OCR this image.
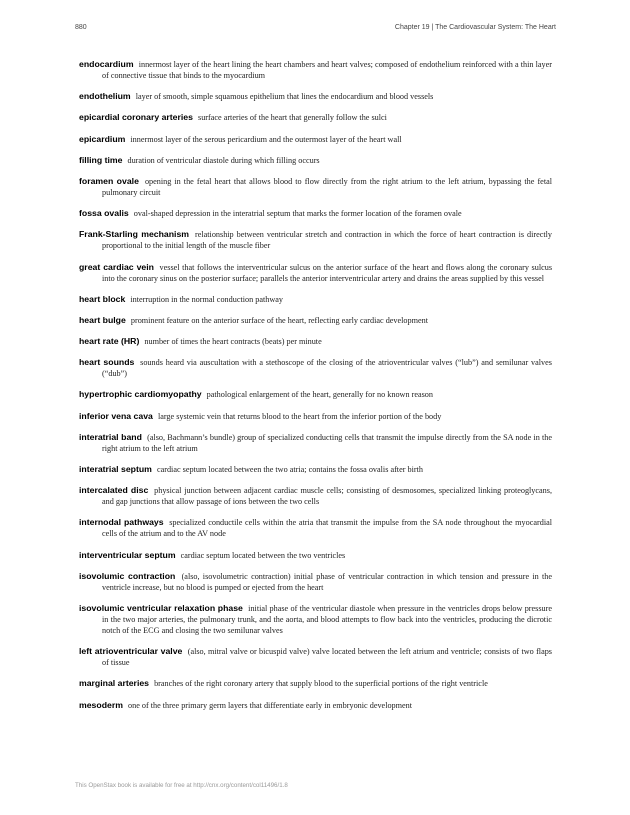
880	Chapter 19 | The Cardiovascular System: The Heart
endocardium innermost layer of the heart lining the heart chambers and heart valves; composed of endothelium reinforced with a thin layer of connective tissue that binds to the myocardium
endothelium layer of smooth, simple squamous epithelium that lines the endocardium and blood vessels
epicardial coronary arteries surface arteries of the heart that generally follow the sulci
epicardium innermost layer of the serous pericardium and the outermost layer of the heart wall
filling time duration of ventricular diastole during which filling occurs
foramen ovale opening in the fetal heart that allows blood to flow directly from the right atrium to the left atrium, bypassing the fetal pulmonary circuit
fossa ovalis oval-shaped depression in the interatrial septum that marks the former location of the foramen ovale
Frank-Starling mechanism relationship between ventricular stretch and contraction in which the force of heart contraction is directly proportional to the initial length of the muscle fiber
great cardiac vein vessel that follows the interventricular sulcus on the anterior surface of the heart and flows along the coronary sulcus into the coronary sinus on the posterior surface; parallels the anterior interventricular artery and drains the areas supplied by this vessel
heart block interruption in the normal conduction pathway
heart bulge prominent feature on the anterior surface of the heart, reflecting early cardiac development
heart rate (HR) number of times the heart contracts (beats) per minute
heart sounds sounds heard via auscultation with a stethoscope of the closing of the atrioventricular valves (“lub”) and semilunar valves (“dub”)
hypertrophic cardiomyopathy pathological enlargement of the heart, generally for no known reason
inferior vena cava large systemic vein that returns blood to the heart from the inferior portion of the body
interatrial band (also, Bachmann’s bundle) group of specialized conducting cells that transmit the impulse directly from the SA node in the right atrium to the left atrium
interatrial septum cardiac septum located between the two atria; contains the fossa ovalis after birth
intercalated disc physical junction between adjacent cardiac muscle cells; consisting of desmosomes, specialized linking proteoglycans, and gap junctions that allow passage of ions between the two cells
internodal pathways specialized conductile cells within the atria that transmit the impulse from the SA node throughout the myocardial cells of the atrium and to the AV node
interventricular septum cardiac septum located between the two ventricles
isovolumic contraction (also, isovolumetric contraction) initial phase of ventricular contraction in which tension and pressure in the ventricle increase, but no blood is pumped or ejected from the heart
isovolumic ventricular relaxation phase initial phase of the ventricular diastole when pressure in the ventricles drops below pressure in the two major arteries, the pulmonary trunk, and the aorta, and blood attempts to flow back into the ventricles, producing the dicrotic notch of the ECG and closing the two semilunar valves
left atrioventricular valve (also, mitral valve or bicuspid valve) valve located between the left atrium and ventricle; consists of two flaps of tissue
marginal arteries branches of the right coronary artery that supply blood to the superficial portions of the right ventricle
mesoderm one of the three primary germ layers that differentiate early in embryonic development
This OpenStax book is available for free at http://cnx.org/content/col11496/1.8
